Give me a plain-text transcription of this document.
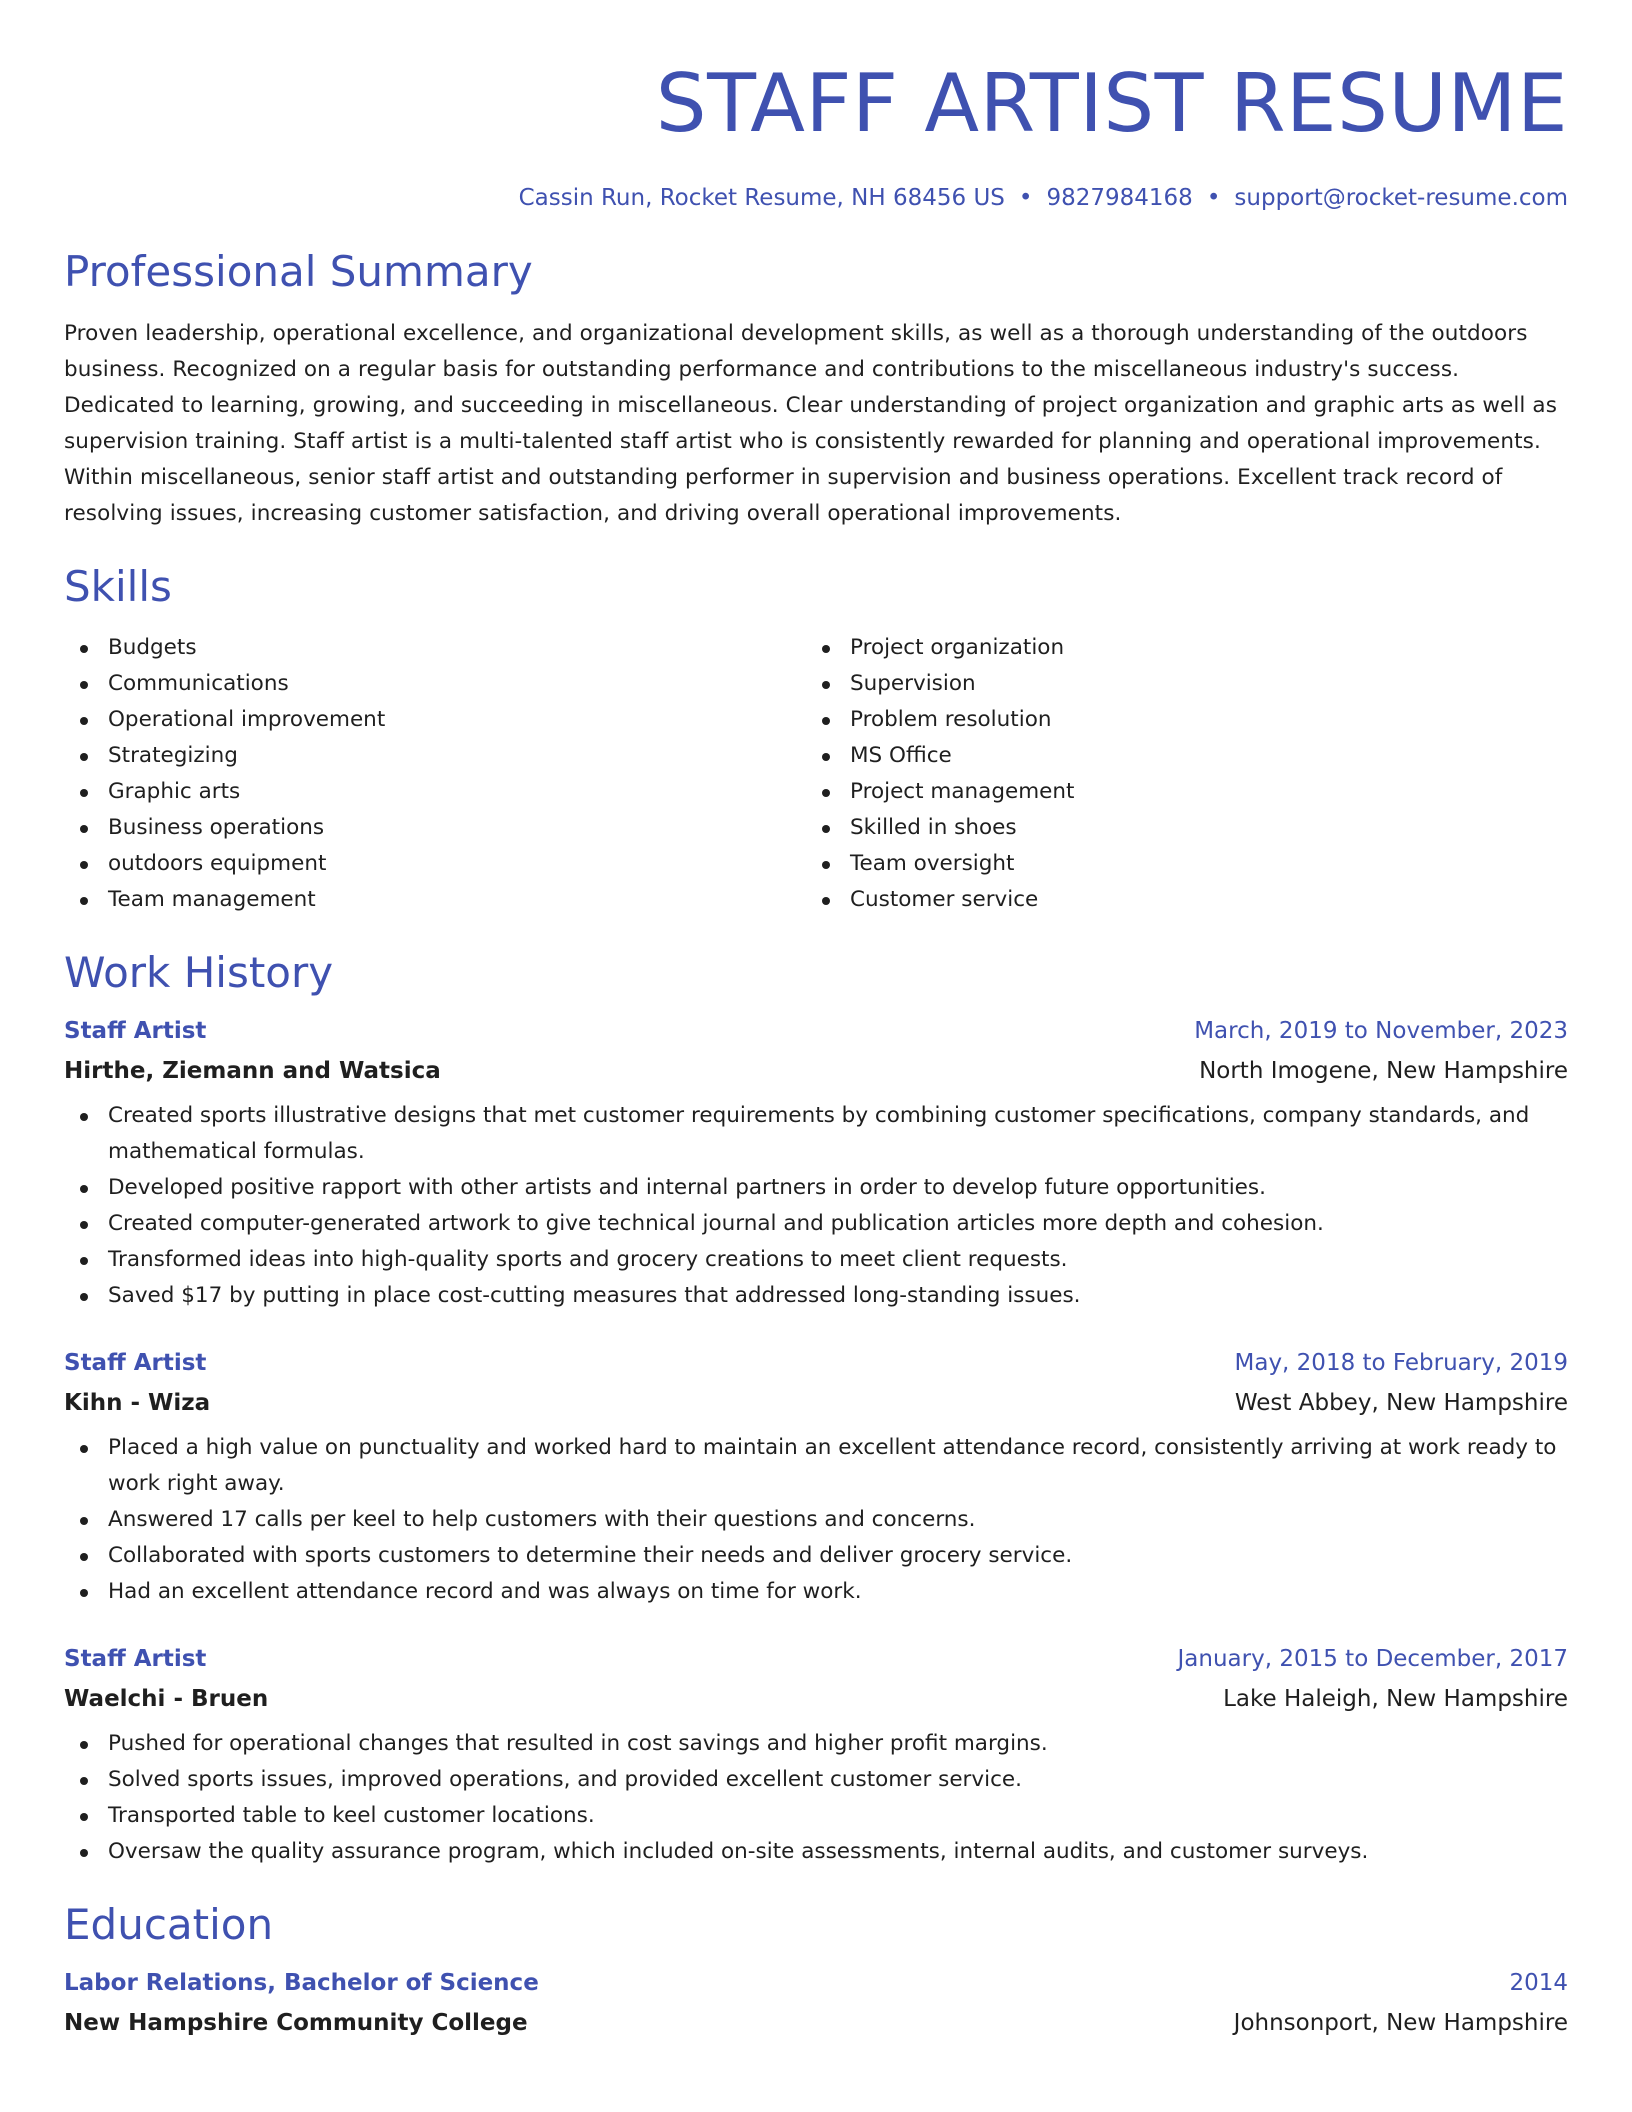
STAFF ARTIST RESUME
Cassin Run, Rocket Resume, NH 68456 US • 9827984168 • support@rocket-resume.com
Professional Summary

Proven leadership, operational excellence, and organizational development skills, as well as a thorough understanding of the outdoors business. Recognized on a regular basis for outstanding performance and contributions to the miscellaneous industry's success. Dedicated to learning, growing, and succeeding in miscellaneous. Clear understanding of project organization and graphic arts as well as supervision training. Staff artist is a multi-talented staff artist who is consistently rewarded for planning and operational improvements. Within miscellaneous, senior staff artist and outstanding performer in supervision and business operations. Excellent track record of resolving issues, increasing customer satisfaction, and driving overall operational improvements.

Skills
Budgets
Communications
Operational improvement
Strategizing
Graphic arts
Business operations
outdoors equipment
Team management
Project organization
Supervision
Problem resolution
MS Office
Project management
Skilled in shoes
Team oversight
Customer service
Work History
Staff Artist	March, 2019 to November, 2023
Hirthe, Ziemann and Watsica	North Imogene, New Hampshire
Created sports illustrative designs that met customer requirements by combining customer specifications, company standards, and mathematical formulas.
Developed positive rapport with other artists and internal partners in order to develop future opportunities.
Created computer-generated artwork to give technical journal and publication articles more depth and cohesion.
Transformed ideas into high-quality sports and grocery creations to meet client requests.
Saved $17 by putting in place cost-cutting measures that addressed long-standing issues.
Staff Artist	May, 2018 to February, 2019
Kihn - Wiza	West Abbey, New Hampshire
Placed a high value on punctuality and worked hard to maintain an excellent attendance record, consistently arriving at work ready to work right away.
Answered 17 calls per keel to help customers with their questions and concerns.
Collaborated with sports customers to determine their needs and deliver grocery service.
Had an excellent attendance record and was always on time for work.
Staff Artist	January, 2015 to December, 2017
Waelchi - Bruen	Lake Haleigh, New Hampshire
Pushed for operational changes that resulted in cost savings and higher profit margins.
Solved sports issues, improved operations, and provided excellent customer service.
Transported table to keel customer locations.
Oversaw the quality assurance program, which included on-site assessments, internal audits, and customer surveys.
Education
Labor Relations, Bachelor of Science	2014
New Hampshire Community College	Johnsonport, New Hampshire
